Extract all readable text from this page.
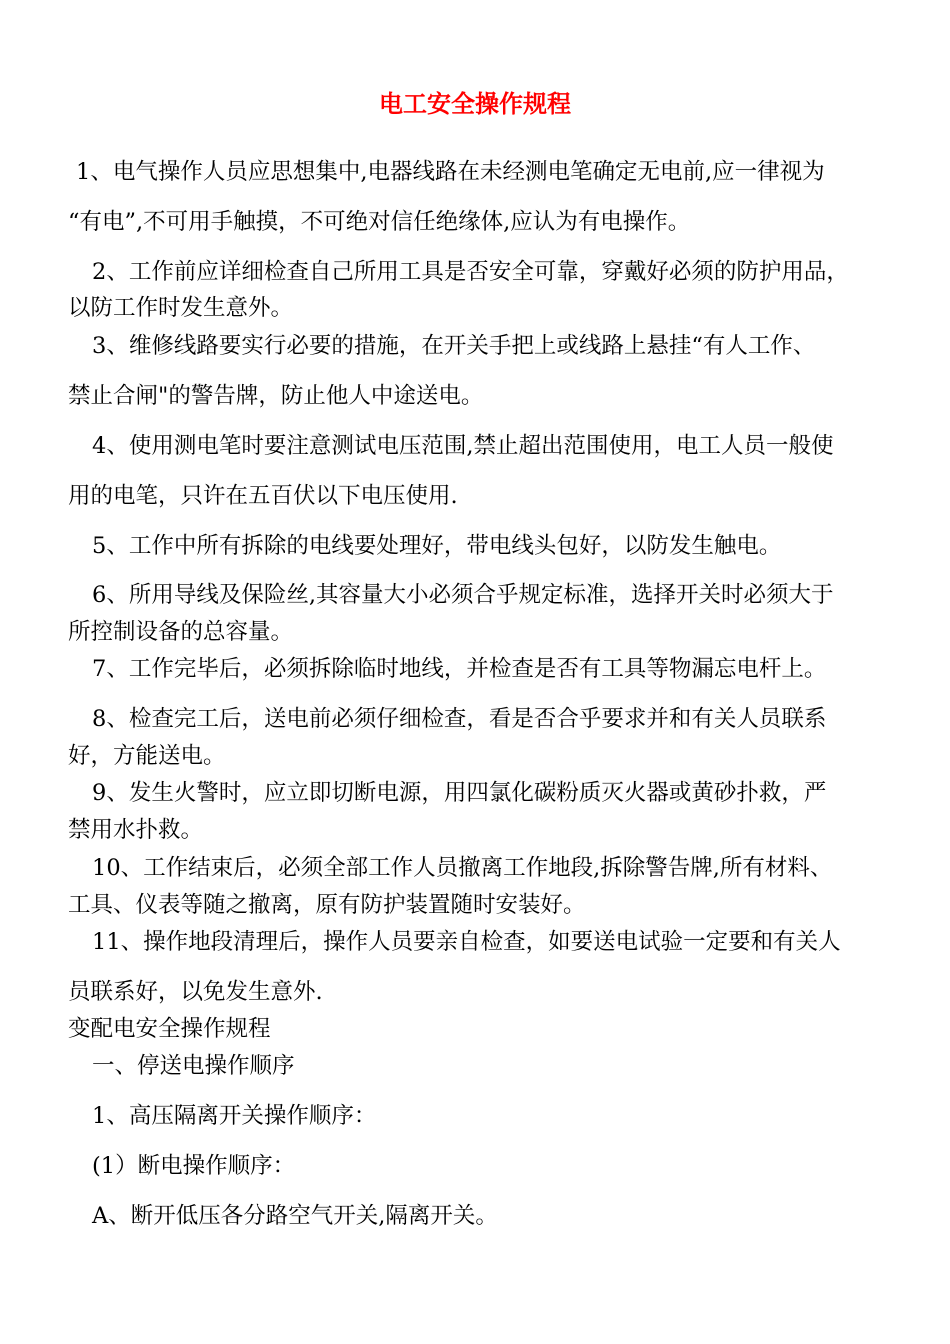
电工安全操作规程
1、电气操作人员应思想集中,电器线路在未经测电笔确定无电前,应一律视为
“有电”,不可用手触摸，不可绝对信任绝缘体,应认为有电操作。
2、工作前应详细检查自己所用工具是否安全可靠，穿戴好必须的防护用品，
以防工作时发生意外。
3、维修线路要实行必要的措施，在开关手把上或线路上悬挂“有人工作、
禁止合闸"的警告牌，防止他人中途送电。
4、使用测电笔时要注意测试电压范围,禁止超出范围使用，电工人员一般使
用的电笔，只许在五百伏以下电压使用.
5、工作中所有拆除的电线要处理好，带电线头包好，以防发生触电。
6、所用导线及保险丝,其容量大小必须合乎规定标准，选择开关时必须大于
所控制设备的总容量。
7、工作完毕后，必须拆除临时地线，并检查是否有工具等物漏忘电杆上。
8、检查完工后，送电前必须仔细检查，看是否合乎要求并和有关人员联系
好，方能送电。
9、发生火警时，应立即切断电源，用四氯化碳粉质灭火器或黄砂扑救，严
禁用水扑救。
10、工作结束后，必须全部工作人员撤离工作地段,拆除警告牌,所有材料、
工具、仪表等随之撤离，原有防护装置随时安装好。
11、操作地段清理后，操作人员要亲自检查，如要送电试验一定要和有关人
员联系好，以免发生意外.
变配电安全操作规程
一、停送电操作顺序
1、高压隔离开关操作顺序：
(1）断电操作顺序：
A、断开低压各分路空气开关,隔离开关。
